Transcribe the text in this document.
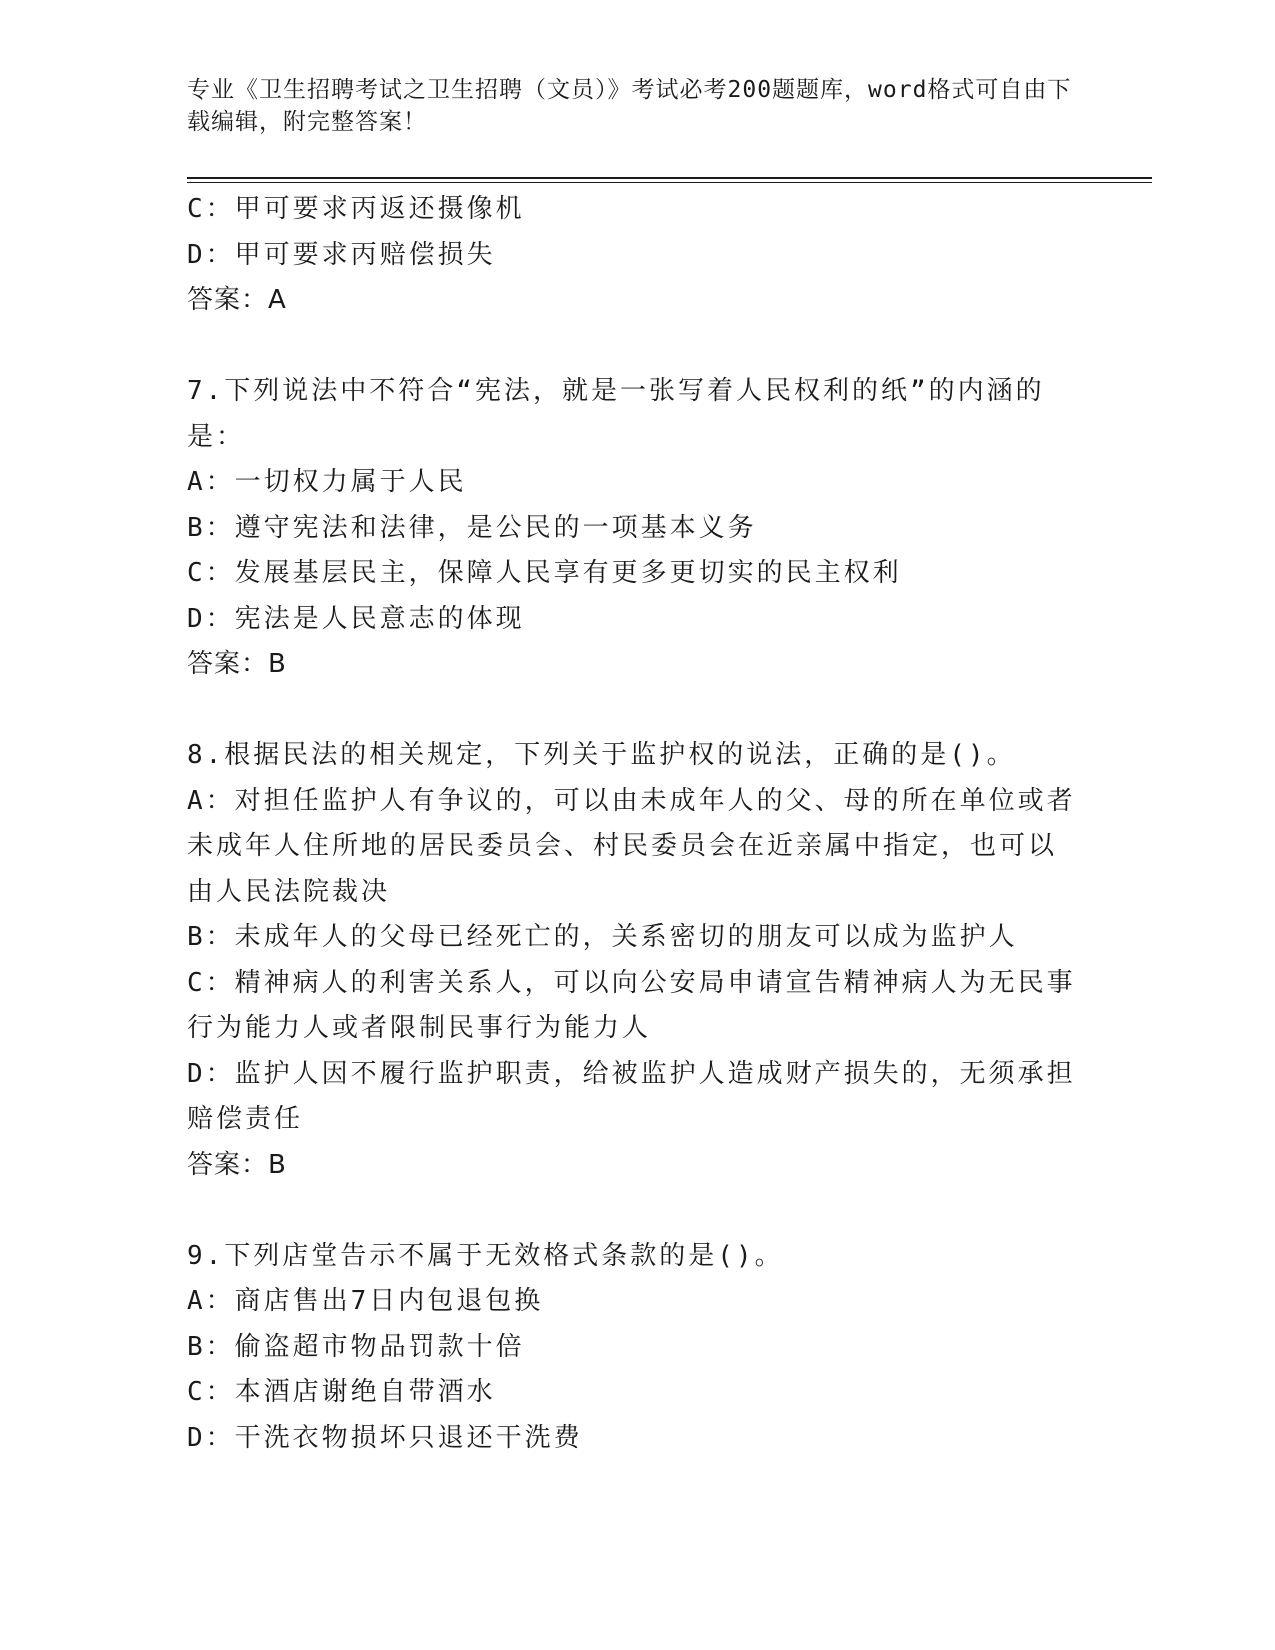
专业《卫生招聘考试之卫生招聘（文员）》考试必考200题题库，word格式可自由下载编辑，附完整答案！
C：甲可要求丙返还摄像机
D：甲可要求丙赔偿损失
答案：A
7.下列说法中不符合“宪法，就是一张写着人民权利的纸”的内涵的是：
A：一切权力属于人民
B：遵守宪法和法律，是公民的一项基本义务
C：发展基层民主，保障人民享有更多更切实的民主权利
D：宪法是人民意志的体现
答案：B
8.根据民法的相关规定，下列关于监护权的说法，正确的是()。
A：对担任监护人有争议的，可以由未成年人的父、母的所在单位或者未成年人住所地的居民委员会、村民委员会在近亲属中指定，也可以由人民法院裁决
B：未成年人的父母已经死亡的，关系密切的朋友可以成为监护人
C：精神病人的利害关系人，可以向公安局申请宣告精神病人为无民事行为能力人或者限制民事行为能力人
D：监护人因不履行监护职责，给被监护人造成财产损失的，无须承担赔偿责任
答案：B
9.下列店堂告示不属于无效格式条款的是()。
A：商店售出7日内包退包换
B：偷盗超市物品罚款十倍
C：本酒店谢绝自带酒水
D：干洗衣物损坏只退还干洗费
